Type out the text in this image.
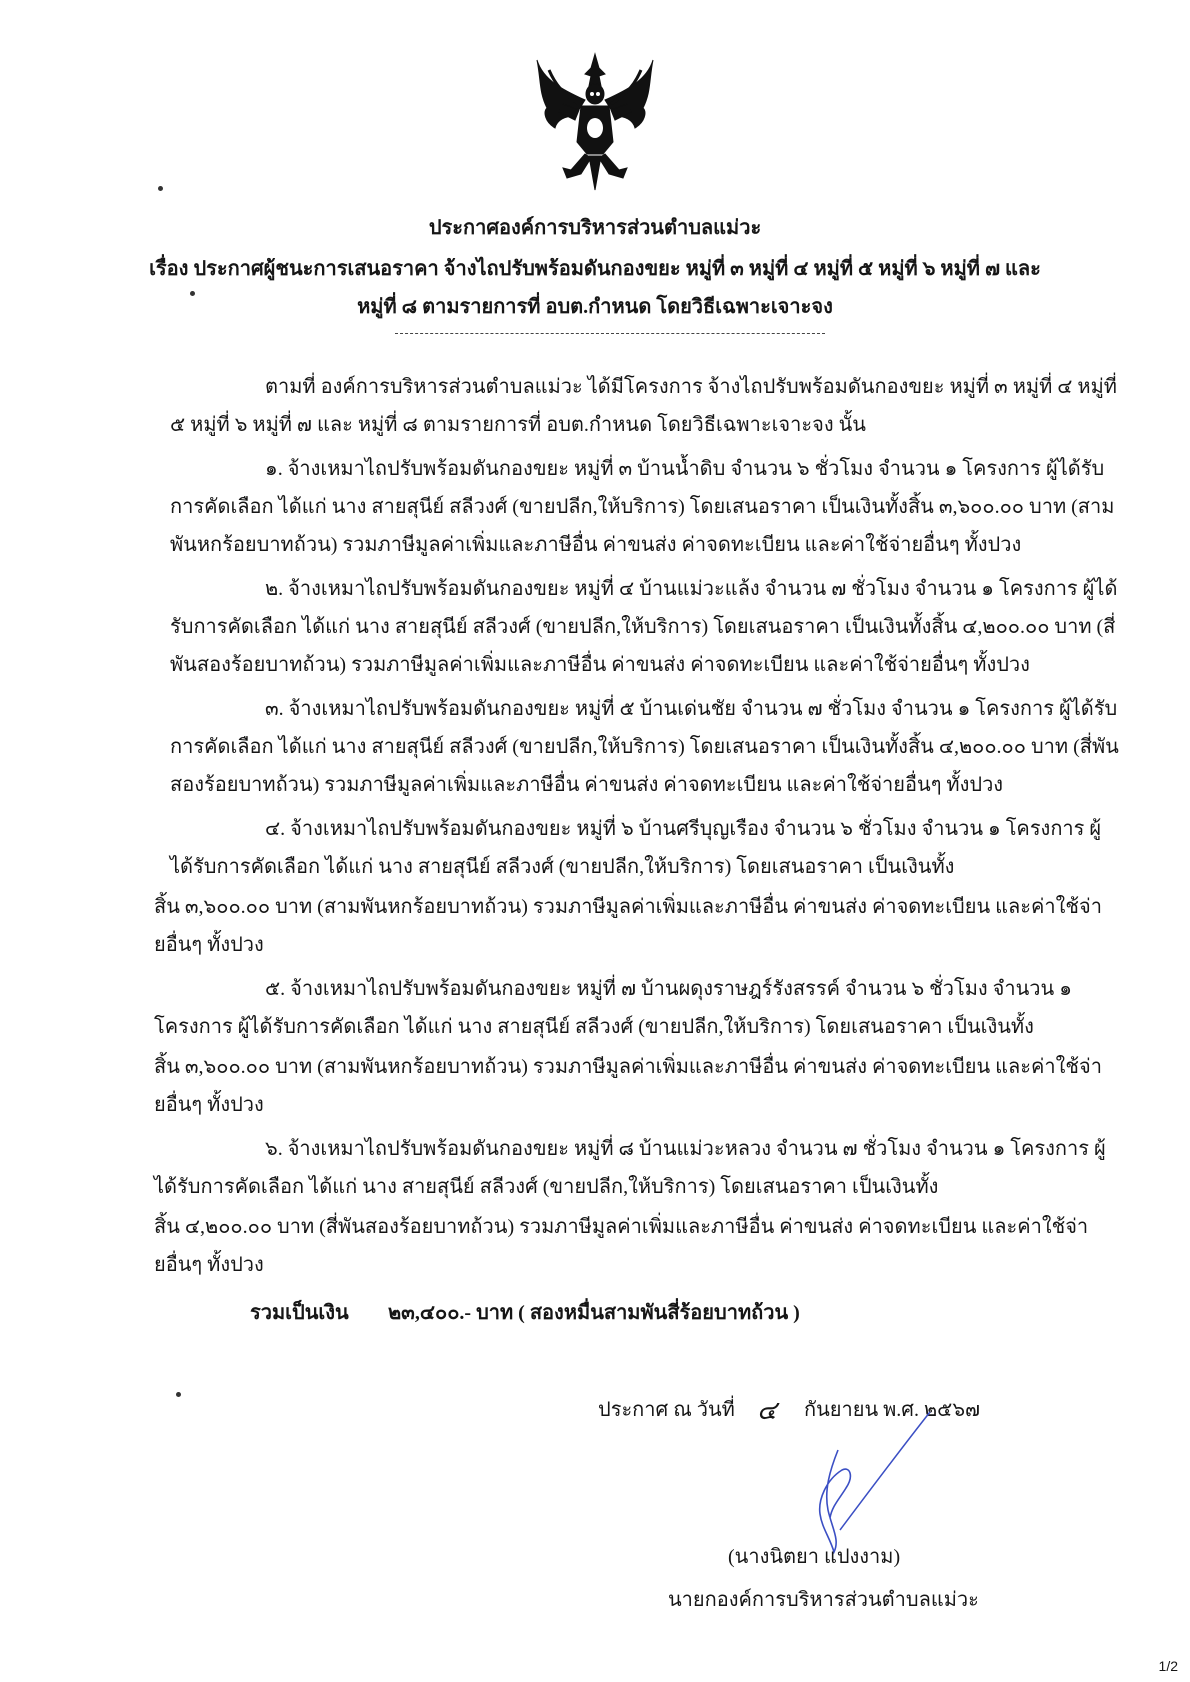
ประกาศองค์การบริหารส่วนตำบลแม่วะ
เรื่อง ประกาศผู้ชนะการเสนอราคา จ้างไถปรับพร้อมดันกองขยะ หมู่ที่ ๓ หมู่ที่ ๔ หมู่ที่ ๕ หมู่ที่ ๖ หมู่ที่ ๗ และ
หมู่ที่ ๘ ตามรายการที่ อบต.กำหนด โดยวิธีเฉพาะเจาะจง
ตามที่ องค์การบริหารส่วนตำบลแม่วะ ได้มีโครงการ จ้างไถปรับพร้อมดันกองขยะ หมู่ที่ ๓ หมู่ที่ ๔ หมู่ที่
๕ หมู่ที่ ๖ หมู่ที่ ๗ และ หมู่ที่ ๘ ตามรายการที่ อบต.กำหนด โดยวิธีเฉพาะเจาะจง นั้น
๑. จ้างเหมาไถปรับพร้อมดันกองขยะ หมู่ที่ ๓ บ้านน้ำดิบ จำนวน ๖ ชั่วโมง จำนวน ๑ โครงการ ผู้ได้รับ
การคัดเลือก ได้แก่ นาง สายสุนีย์ สลีวงศ์ (ขายปลีก,ให้บริการ) โดยเสนอราคา เป็นเงินทั้งสิ้น ๓,๖๐๐.๐๐ บาท (สาม
พันหกร้อยบาทถ้วน) รวมภาษีมูลค่าเพิ่มและภาษีอื่น ค่าขนส่ง ค่าจดทะเบียน และค่าใช้จ่ายอื่นๆ ทั้งปวง
๒. จ้างเหมาไถปรับพร้อมดันกองขยะ หมู่ที่ ๔ บ้านแม่วะแล้ง จำนวน ๗ ชั่วโมง จำนวน ๑ โครงการ ผู้ได้
รับการคัดเลือก ได้แก่ นาง สายสุนีย์ สลีวงศ์ (ขายปลีก,ให้บริการ) โดยเสนอราคา เป็นเงินทั้งสิ้น ๔,๒๐๐.๐๐ บาท (สี่
พันสองร้อยบาทถ้วน) รวมภาษีมูลค่าเพิ่มและภาษีอื่น ค่าขนส่ง ค่าจดทะเบียน และค่าใช้จ่ายอื่นๆ ทั้งปวง
๓. จ้างเหมาไถปรับพร้อมดันกองขยะ หมู่ที่ ๕ บ้านเด่นชัย จำนวน ๗ ชั่วโมง จำนวน ๑ โครงการ ผู้ได้รับ
การคัดเลือก ได้แก่ นาง สายสุนีย์ สลีวงศ์ (ขายปลีก,ให้บริการ) โดยเสนอราคา เป็นเงินทั้งสิ้น ๔,๒๐๐.๐๐ บาท (สี่พัน
สองร้อยบาทถ้วน) รวมภาษีมูลค่าเพิ่มและภาษีอื่น ค่าขนส่ง ค่าจดทะเบียน และค่าใช้จ่ายอื่นๆ ทั้งปวง
๔. จ้างเหมาไถปรับพร้อมดันกองขยะ หมู่ที่ ๖ บ้านศรีบุญเรือง จำนวน ๖ ชั่วโมง จำนวน ๑ โครงการ ผู้
ได้รับการคัดเลือก ได้แก่ นาง สายสุนีย์ สลีวงศ์ (ขายปลีก,ให้บริการ) โดยเสนอราคา เป็นเงินทั้ง
สิ้น ๓,๖๐๐.๐๐ บาท (สามพันหกร้อยบาทถ้วน) รวมภาษีมูลค่าเพิ่มและภาษีอื่น ค่าขนส่ง ค่าจดทะเบียน และค่าใช้จ่า
ยอื่นๆ ทั้งปวง
๕. จ้างเหมาไถปรับพร้อมดันกองขยะ หมู่ที่ ๗ บ้านผดุงราษฎร์รังสรรค์ จำนวน ๖ ชั่วโมง จำนวน ๑
โครงการ ผู้ได้รับการคัดเลือก ได้แก่ นาง สายสุนีย์ สลีวงศ์ (ขายปลีก,ให้บริการ) โดยเสนอราคา เป็นเงินทั้ง
สิ้น ๓,๖๐๐.๐๐ บาท (สามพันหกร้อยบาทถ้วน) รวมภาษีมูลค่าเพิ่มและภาษีอื่น ค่าขนส่ง ค่าจดทะเบียน และค่าใช้จ่า
ยอื่นๆ ทั้งปวง
๖. จ้างเหมาไถปรับพร้อมดันกองขยะ หมู่ที่ ๘ บ้านแม่วะหลวง จำนวน ๗ ชั่วโมง จำนวน ๑ โครงการ ผู้
ได้รับการคัดเลือก ได้แก่ นาง สายสุนีย์ สลีวงศ์ (ขายปลีก,ให้บริการ) โดยเสนอราคา เป็นเงินทั้ง
สิ้น ๔,๒๐๐.๐๐ บาท (สี่พันสองร้อยบาทถ้วน) รวมภาษีมูลค่าเพิ่มและภาษีอื่น ค่าขนส่ง ค่าจดทะเบียน และค่าใช้จ่า
ยอื่นๆ ทั้งปวง
รวมเป็นเงิน ๒๓,๔๐๐.- บาท ( สองหมื่นสามพันสี่ร้อยบาทถ้วน )
ประกาศ ณ วันที่ ๔ กันยายน พ.ศ. ๒๕๖๗
(นางนิตยา แปงงาม)
นายกองค์การบริหารส่วนตำบลแม่วะ
1/2
